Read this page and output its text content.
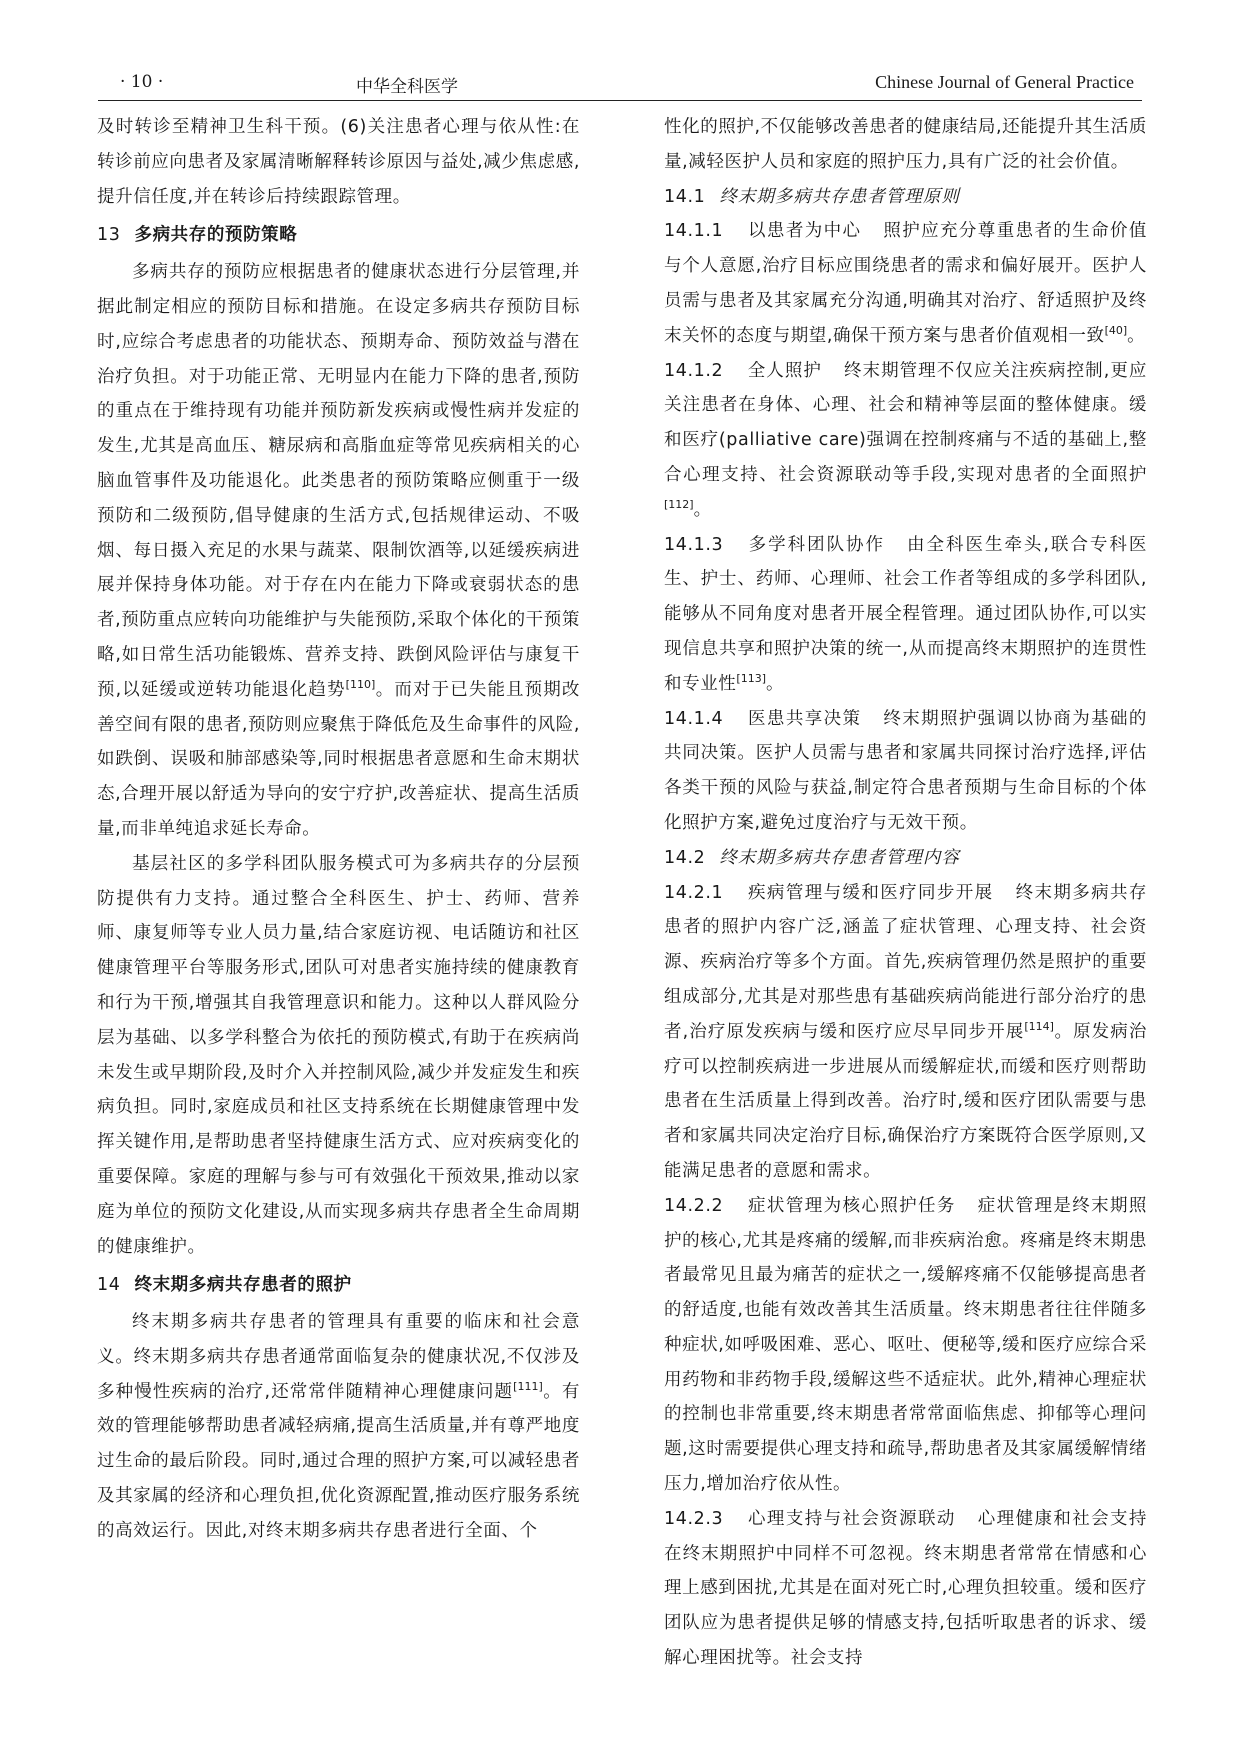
· 10 ·	中华全科医学	Chinese Journal of General Practice

及时转诊至精神卫生科干预。(6)关注患者心理与依从性:在转诊前应向患者及家属清晰解释转诊原因与益处,减少焦虑感,提升信任度,并在转诊后持续跟踪管理。

13 多病共存的预防策略

多病共存的预防应根据患者的健康状态进行分层管理,并据此制定相应的预防目标和措施。在设定多病共存预防目标时,应综合考虑患者的功能状态、预期寿命、预防效益与潜在治疗负担。对于功能正常、无明显内在能力下降的患者,预防的重点在于维持现有功能并预防新发疾病或慢性病并发症的发生,尤其是高血压、糖尿病和高脂血症等常见疾病相关的心脑血管事件及功能退化。此类患者的预防策略应侧重于一级预防和二级预防,倡导健康的生活方式,包括规律运动、不吸烟、每日摄入充足的水果与蔬菜、限制饮酒等,以延缓疾病进展并保持身体功能。对于存在内在能力下降或衰弱状态的患者,预防重点应转向功能维护与失能预防,采取个体化的干预策略,如日常生活功能锻炼、营养支持、跌倒风险评估与康复干预,以延缓或逆转功能退化趋势[110]。而对于已失能且预期改善空间有限的患者,预防则应聚焦于降低危及生命事件的风险,如跌倒、误吸和肺部感染等,同时根据患者意愿和生命末期状态,合理开展以舒适为导向的安宁疗护,改善症状、提高生活质量,而非单纯追求延长寿命。

基层社区的多学科团队服务模式可为多病共存的分层预防提供有力支持。通过整合全科医生、护士、药师、营养师、康复师等专业人员力量,结合家庭访视、电话随访和社区健康管理平台等服务形式,团队可对患者实施持续的健康教育和行为干预,增强其自我管理意识和能力。这种以人群风险分层为基础、以多学科整合为依托的预防模式,有助于在疾病尚未发生或早期阶段,及时介入并控制风险,减少并发症发生和疾病负担。同时,家庭成员和社区支持系统在长期健康管理中发挥关键作用,是帮助患者坚持健康生活方式、应对疾病变化的重要保障。家庭的理解与参与可有效强化干预效果,推动以家庭为单位的预防文化建设,从而实现多病共存患者全生命周期的健康维护。

14 终末期多病共存患者的照护

终末期多病共存患者的管理具有重要的临床和社会意义。终末期多病共存患者通常面临复杂的健康状况,不仅涉及多种慢性疾病的治疗,还常常伴随精神心理健康问题[111]。有效的管理能够帮助患者减轻病痛,提高生活质量,并有尊严地度过生命的最后阶段。同时,通过合理的照护方案,可以减轻患者及其家属的经济和心理负担,优化资源配置,推动医疗服务系统的高效运行。因此,对终末期多病共存患者进行全面、个

性化的照护,不仅能够改善患者的健康结局,还能提升其生活质量,减轻医护人员和家庭的照护压力,具有广泛的社会价值。

14.1 终末期多病共存患者管理原则

14.1.1 以患者为中心 照护应充分尊重患者的生命价值与个人意愿,治疗目标应围绕患者的需求和偏好展开。医护人员需与患者及其家属充分沟通,明确其对治疗、舒适照护及终末关怀的态度与期望,确保干预方案与患者价值观相一致[40]。

14.1.2 全人照护 终末期管理不仅应关注疾病控制,更应关注患者在身体、心理、社会和精神等层面的整体健康。缓和医疗(palliative care)强调在控制疼痛与不适的基础上,整合心理支持、社会资源联动等手段,实现对患者的全面照护[112]。

14.1.3 多学科团队协作 由全科医生牵头,联合专科医生、护士、药师、心理师、社会工作者等组成的多学科团队,能够从不同角度对患者开展全程管理。通过团队协作,可以实现信息共享和照护决策的统一,从而提高终末期照护的连贯性和专业性[113]。

14.1.4 医患共享决策 终末期照护强调以协商为基础的共同决策。医护人员需与患者和家属共同探讨治疗选择,评估各类干预的风险与获益,制定符合患者预期与生命目标的个体化照护方案,避免过度治疗与无效干预。

14.2 终末期多病共存患者管理内容

14.2.1 疾病管理与缓和医疗同步开展 终末期多病共存患者的照护内容广泛,涵盖了症状管理、心理支持、社会资源、疾病治疗等多个方面。首先,疾病管理仍然是照护的重要组成部分,尤其是对那些患有基础疾病尚能进行部分治疗的患者,治疗原发疾病与缓和医疗应尽早同步开展[114]。原发病治疗可以控制疾病进一步进展从而缓解症状,而缓和医疗则帮助患者在生活质量上得到改善。治疗时,缓和医疗团队需要与患者和家属共同决定治疗目标,确保治疗方案既符合医学原则,又能满足患者的意愿和需求。

14.2.2 症状管理为核心照护任务 症状管理是终末期照护的核心,尤其是疼痛的缓解,而非疾病治愈。疼痛是终末期患者最常见且最为痛苦的症状之一,缓解疼痛不仅能够提高患者的舒适度,也能有效改善其生活质量。终末期患者往往伴随多种症状,如呼吸困难、恶心、呕吐、便秘等,缓和医疗应综合采用药物和非药物手段,缓解这些不适症状。此外,精神心理症状的控制也非常重要,终末期患者常常面临焦虑、抑郁等心理问题,这时需要提供心理支持和疏导,帮助患者及其家属缓解情绪压力,增加治疗依从性。

14.2.3 心理支持与社会资源联动 心理健康和社会支持在终末期照护中同样不可忽视。终末期患者常常在情感和心理上感到困扰,尤其是在面对死亡时,心理负担较重。缓和医疗团队应为患者提供足够的情感支持,包括听取患者的诉求、缓解心理困扰等。社会支持
